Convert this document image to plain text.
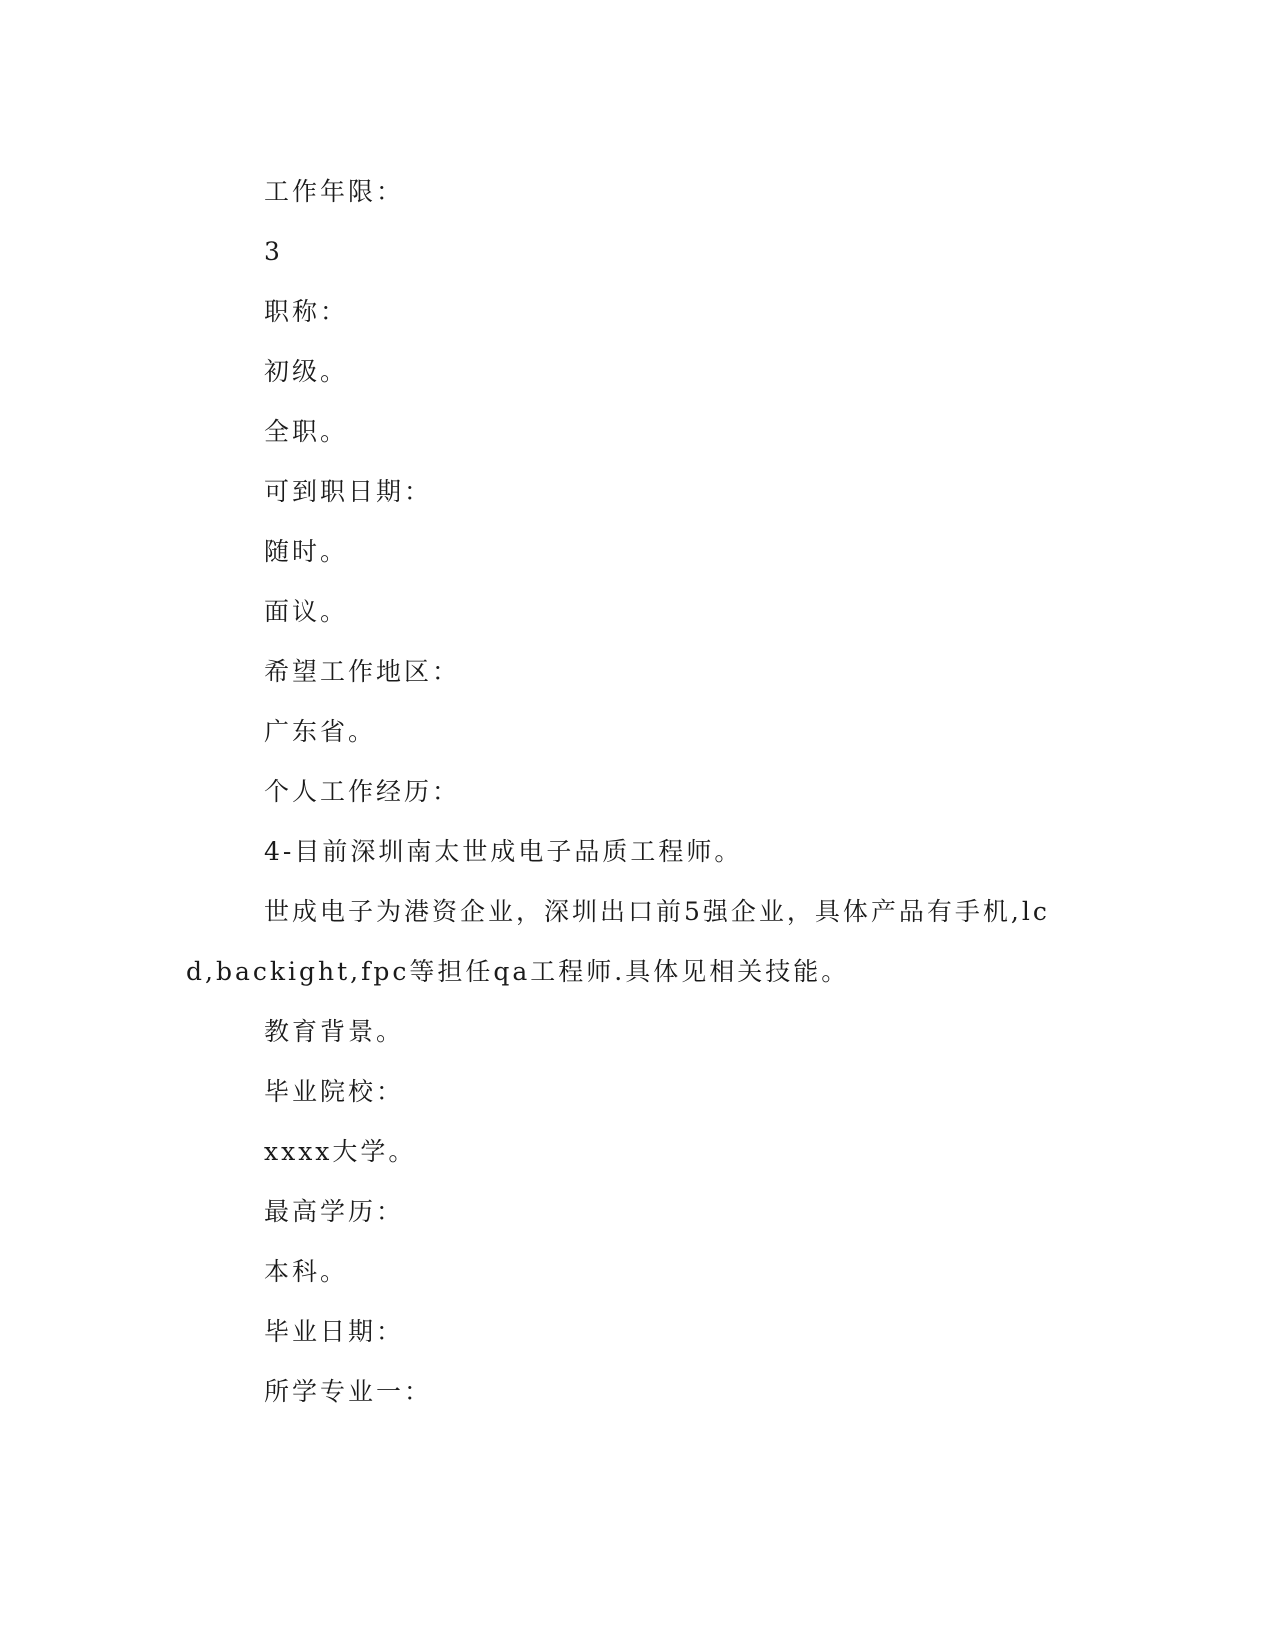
工作年限：

3

职称：

初级。

全职。

可到职日期：

随时。

面议。

希望工作地区：

广东省。

个人工作经历：

4-目前深圳南太世成电子品质工程师。

世成电子为港资企业，深圳出口前5强企业，具体产品有手机,lcd,backight,fpc等担任qa工程师.具体见相关技能。

教育背景。

毕业院校：

xxxx大学。

最高学历：

本科。

毕业日期：

所学专业一：
